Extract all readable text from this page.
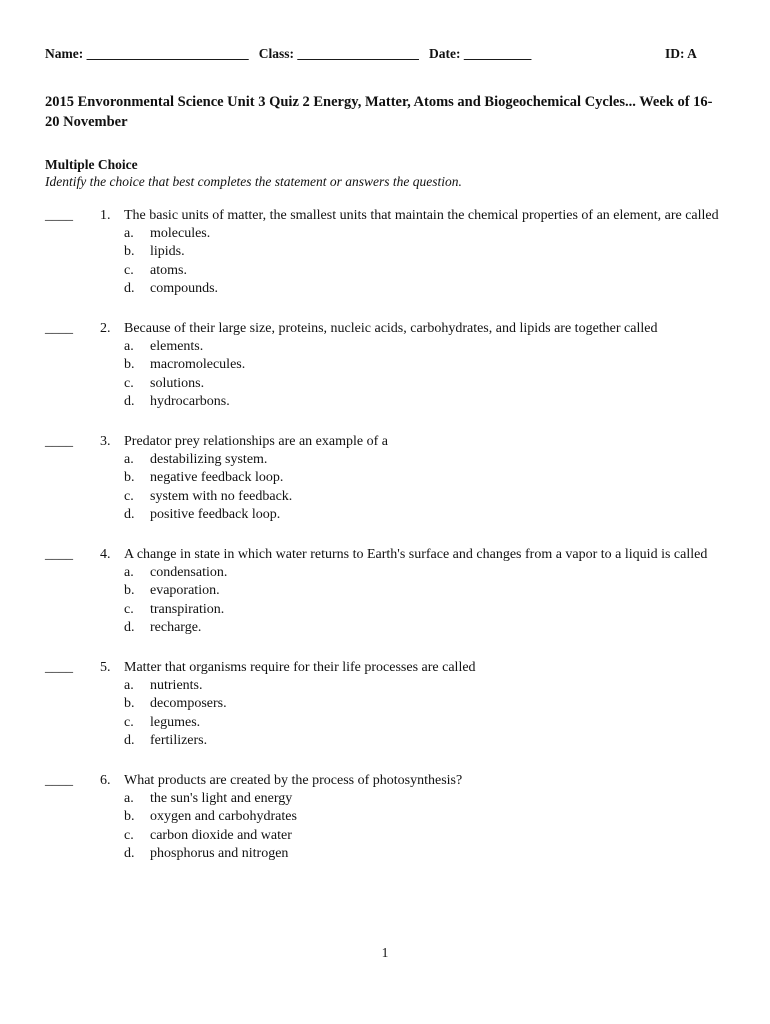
Name: ________________________ Class: __________________ Date: __________	ID: A
2015 Envoronmental Science Unit 3 Quiz 2 Energy, Matter, Atoms and Biogeochemical Cycles... Week of 16-20 November
Multiple Choice
Identify the choice that best completes the statement or answers the question.
____ 1. The basic units of matter, the smallest units that maintain the chemical properties of an element, are called
a. molecules.
b. lipids.
c. atoms.
d. compounds.
____ 2. Because of their large size, proteins, nucleic acids, carbohydrates, and lipids are together called
a. elements.
b. macromolecules.
c. solutions.
d. hydrocarbons.
____ 3. Predator prey relationships are an example of a
a. destabilizing system.
b. negative feedback loop.
c. system with no feedback.
d. positive feedback loop.
____ 4. A change in state in which water returns to Earth's surface and changes from a vapor to a liquid is called
a. condensation.
b. evaporation.
c. transpiration.
d. recharge.
____ 5. Matter that organisms require for their life processes are called
a. nutrients.
b. decomposers.
c. legumes.
d. fertilizers.
____ 6. What products are created by the process of photosynthesis?
a. the sun's light and energy
b. oxygen and carbohydrates
c. carbon dioxide and water
d. phosphorus and nitrogen
1
